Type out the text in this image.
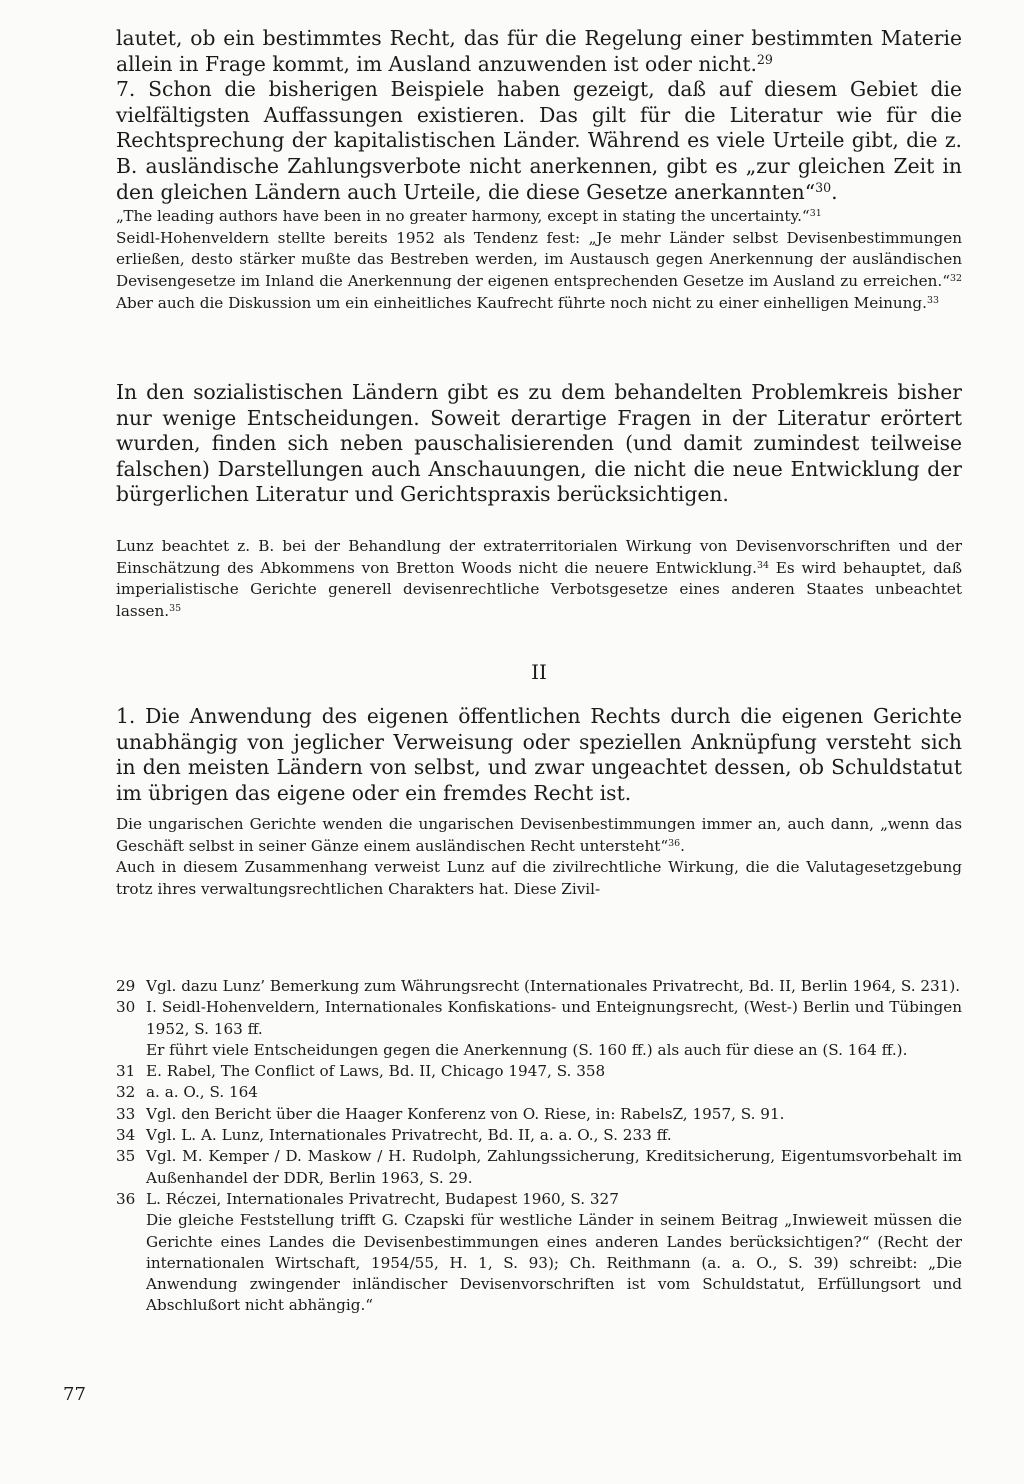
lautet, ob ein bestimmtes Recht, das für die Regelung einer bestimmten Materie allein in Frage kommt, im Ausland anzuwenden ist oder nicht.$^{29}$

7. Schon die bisherigen Beispiele haben gezeigt, daß auf diesem Gebiet die vielfältigsten Auffassungen existieren. Das gilt für die Literatur wie für die Rechtsprechung der kapitalistischen Länder. Während es viele Urteile gibt, die z. B. ausländische Zahlungsverbote nicht anerkennen, gibt es „zur gleichen Zeit in den gleichen Ländern auch Urteile, die diese Gesetze anerkannten“$^{30}$.

„The leading authors have been in no greater harmony, except in stating the uncertainty.“$^{31}$

Seidl-Hohenveldern stellte bereits 1952 als Tendenz fest: „Je mehr Länder selbst Devisenbestimmungen erließen, desto stärker mußte das Bestreben werden, im Austausch gegen Anerkennung der ausländischen Devisengesetze im Inland die Anerkennung der eigenen entsprechenden Gesetze im Ausland zu erreichen.“$^{32}$ Aber auch die Diskussion um ein einheitliches Kaufrecht führte noch nicht zu einer einhelligen Meinung.$^{33}$

In den sozialistischen Ländern gibt es zu dem behandelten Problemkreis bisher nur wenige Entscheidungen. Soweit derartige Fragen in der Literatur erörtert wurden, finden sich neben pauschalisierenden (und damit zumindest teilweise falschen) Darstellungen auch Anschauungen, die nicht die neue Entwicklung der bürgerlichen Literatur und Gerichtspraxis berücksichtigen.

Lunz beachtet z. B. bei der Behandlung der extraterritorialen Wirkung von Devisenvorschriften und der Einschätzung des Abkommens von Bretton Woods nicht die neuere Entwicklung.$^{34}$ Es wird behauptet, daß imperialistische Gerichte generell devisenrechtliche Verbotsgesetze eines anderen Staates unbeachtet lassen.$^{35}$

II

1. Die Anwendung des eigenen öffentlichen Rechts durch die eigenen Gerichte unabhängig von jeglicher Verweisung oder speziellen Anknüpfung versteht sich in den meisten Ländern von selbst, und zwar ungeachtet dessen, ob Schuldstatut im übrigen das eigene oder ein fremdes Recht ist.

Die ungarischen Gerichte wenden die ungarischen Devisenbestimmungen immer an, auch dann, „wenn das Geschäft selbst in seiner Gänze einem ausländischen Recht untersteht“$^{36}$.

Auch in diesem Zusammenhang verweist Lunz auf die zivilrechtliche Wirkung, die die Valutagesetzgebung trotz ihres verwaltungsrechtlichen Charakters hat. Diese Zivil-

29 Vgl. dazu Lunz’ Bemerkung zum Währungsrecht (Internationales Privatrecht, Bd. II, Berlin 1964, S. 231).
30 I. Seidl-Hohenveldern, Internationales Konfiskations- und Enteignungsrecht, (West-) Berlin und Tübingen 1952, S. 163 ff.
Er führt viele Entscheidungen gegen die Anerkennung (S. 160 ff.) als auch für diese an (S. 164 ff.).
31 E. Rabel, The Conflict of Laws, Bd. II, Chicago 1947, S. 358
32 a. a. O., S. 164
33 Vgl. den Bericht über die Haager Konferenz von O. Riese, in: RabelsZ, 1957, S. 91.
34 Vgl. L. A. Lunz, Internationales Privatrecht, Bd. II, a. a. O., S. 233 ff.
35 Vgl. M. Kemper / D. Maskow / H. Rudolph, Zahlungssicherung, Kreditsicherung, Eigentumsvorbehalt im Außenhandel der DDR, Berlin 1963, S. 29.
36 L. Réczei, Internationales Privatrecht, Budapest 1960, S. 327
Die gleiche Feststellung trifft G. Czapski für westliche Länder in seinem Beitrag „Inwieweit müssen die Gerichte eines Landes die Devisenbestimmungen eines anderen Landes berücksichtigen?“ (Recht der internationalen Wirtschaft, 1954/55, H. 1, S. 93); Ch. Reithmann (a. a. O., S. 39) schreibt: „Die Anwendung zwingender inländischer Devisenvorschriften ist vom Schuldstatut, Erfüllungsort und Abschlußort nicht abhängig.“
77
